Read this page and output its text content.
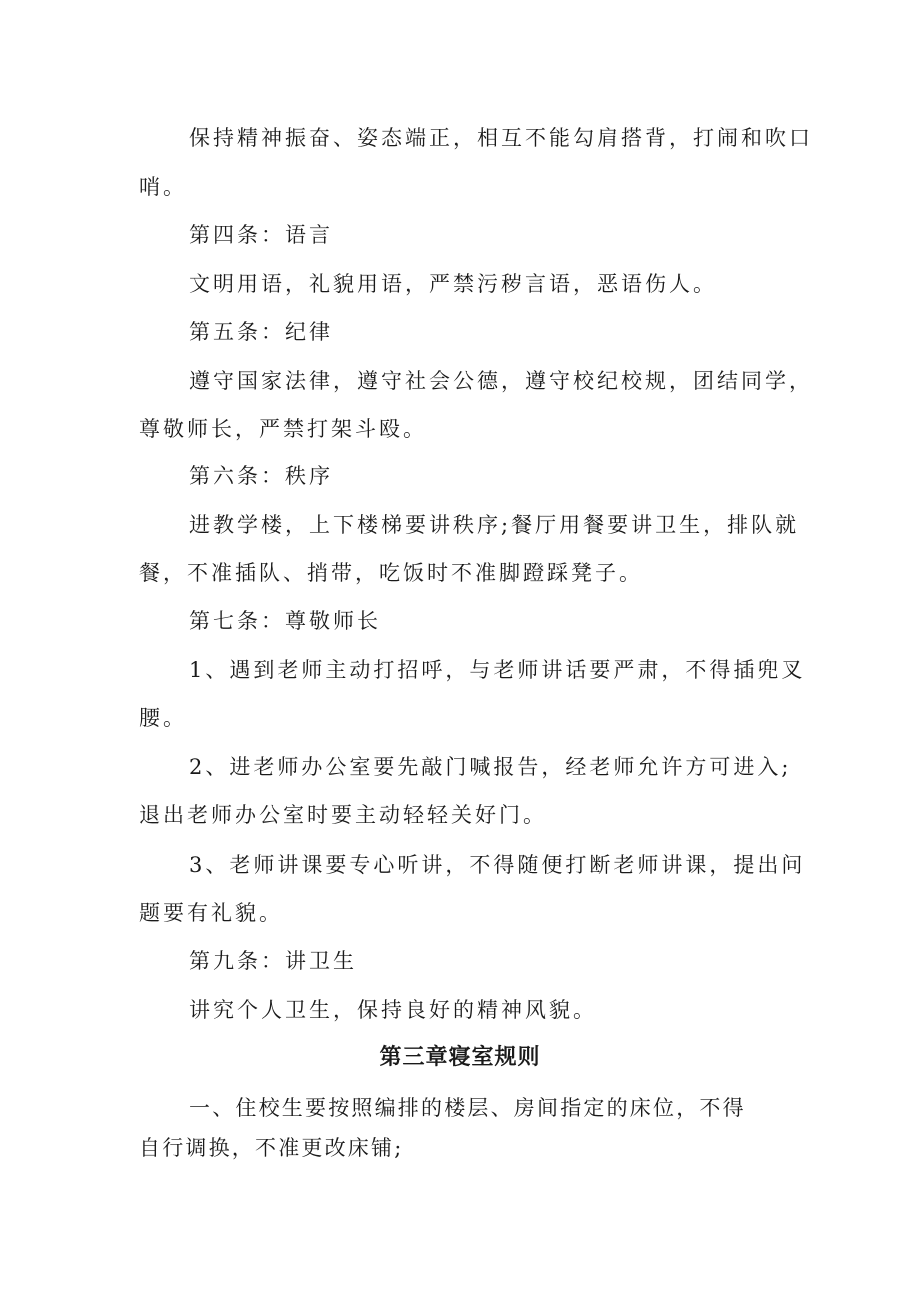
保持精神振奋、姿态端正，相互不能勾肩搭背，打闹和吹口
哨。
第四条：语言
文明用语，礼貌用语，严禁污秽言语，恶语伤人。
第五条：纪律
遵守国家法律，遵守社会公德，遵守校纪校规，团结同学，
尊敬师长，严禁打架斗殴。
第六条：秩序
进教学楼，上下楼梯要讲秩序;餐厅用餐要讲卫生，排队就
餐，不准插队、捎带，吃饭时不准脚蹬踩凳子。
第七条：尊敬师长
1、遇到老师主动打招呼，与老师讲话要严肃，不得插兜叉
腰。
2、进老师办公室要先敲门喊报告，经老师允许方可进入;
退出老师办公室时要主动轻轻关好门。
3、老师讲课要专心听讲，不得随便打断老师讲课，提出问
题要有礼貌。
第九条：讲卫生
讲究个人卫生，保持良好的精神风貌。
第三章寝室规则
一、住校生要按照编排的楼层、房间指定的床位，不得
自行调换，不准更改床铺;
